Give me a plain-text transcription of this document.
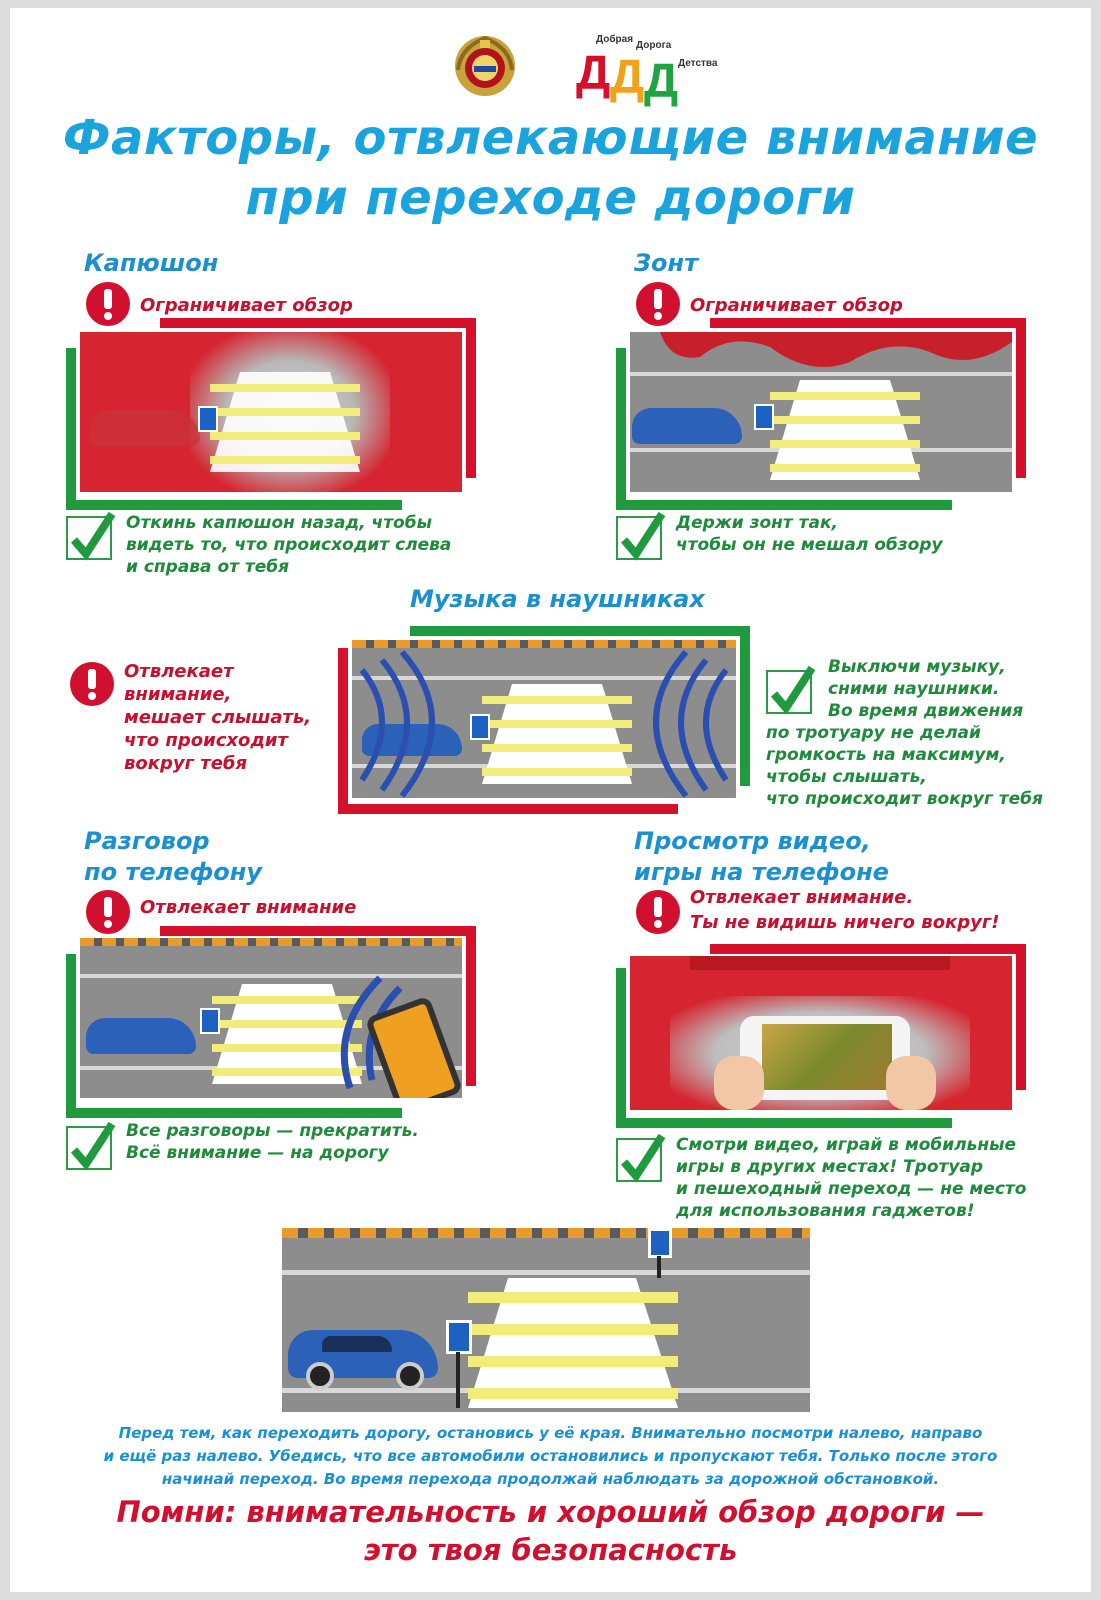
Д Д Д
Добрая
Дорога
Детства
Факторы, отвлекающие внимание
при переходе дороги
Капюшон
Ограничивает обзор
Откинь капюшон назад, чтобы
видеть то, что происходит слева
и справа от тебя
Зонт
Ограничивает обзор
Держи зонт так,
чтобы он не мешал обзору
Музыка в наушниках
Отвлекает
внимание,
мешает слышать,
что происходит
вокруг тебя
Выключи музыку,
сними наушники.
Во время движения
по тротуару не делай
громкость на максимум,
чтобы слышать,
что происходит вокруг тебя
Разговор
по телефону
Отвлекает внимание
Все разговоры — прекратить.
Всё внимание — на дорогу
Просмотр видео,
игры на телефоне
Отвлекает внимание.
Ты не видишь ничего вокруг!
Смотри видео, играй в мобильные
игры в других местах! Тротуар
и пешеходный переход — не место
для использования гаджетов!
Перед тем, как переходить дорогу, остановись у её края. Внимательно посмотри налево, направо
и ещё раз налево. Убедись, что все автомобили остановились и пропускают тебя. Только после этого
начинай переход. Во время перехода продолжай наблюдать за дорожной обстановкой.
Помни: внимательность и хороший обзор дороги —
это твоя безопасность
